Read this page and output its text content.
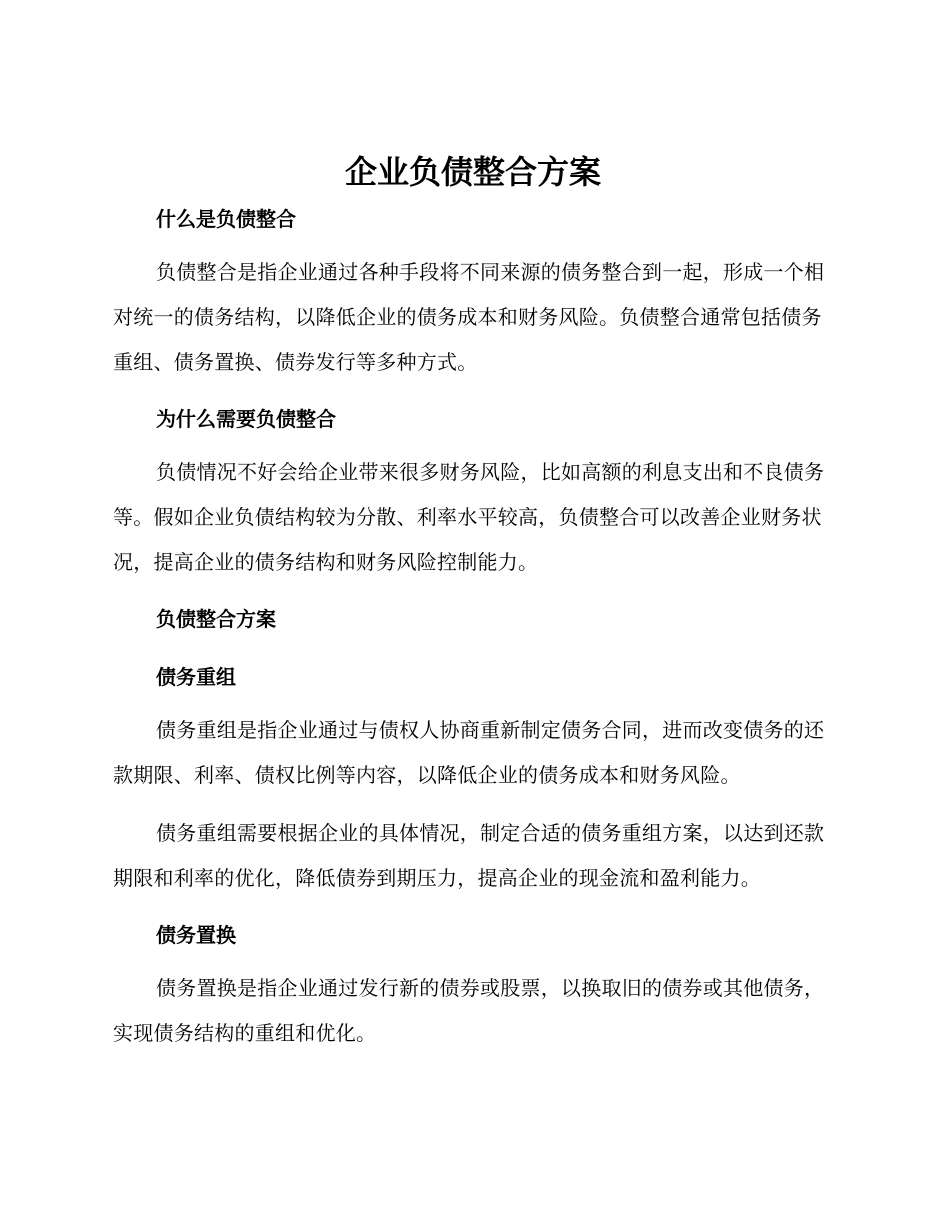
企业负债整合方案
什么是负债整合

负债整合是指企业通过各种手段将不同来源的债务整合到一起，形成一个相对统一的债务结构，以降低企业的债务成本和财务风险。负债整合通常包括债务重组、债务置换、债券发行等多种方式。

为什么需要负债整合

负债情况不好会给企业带来很多财务风险，比如高额的利息支出和不良债务等。假如企业负债结构较为分散、利率水平较高，负债整合可以改善企业财务状况，提高企业的债务结构和财务风险控制能力。

负债整合方案
债务重组

债务重组是指企业通过与债权人协商重新制定债务合同，进而改变债务的还款期限、利率、债权比例等内容，以降低企业的债务成本和财务风险。

债务重组需要根据企业的具体情况，制定合适的债务重组方案，以达到还款期限和利率的优化，降低债券到期压力，提高企业的现金流和盈利能力。

债务置换

债务置换是指企业通过发行新的债券或股票，以换取旧的债券或其他债务，实现债务结构的重组和优化。
